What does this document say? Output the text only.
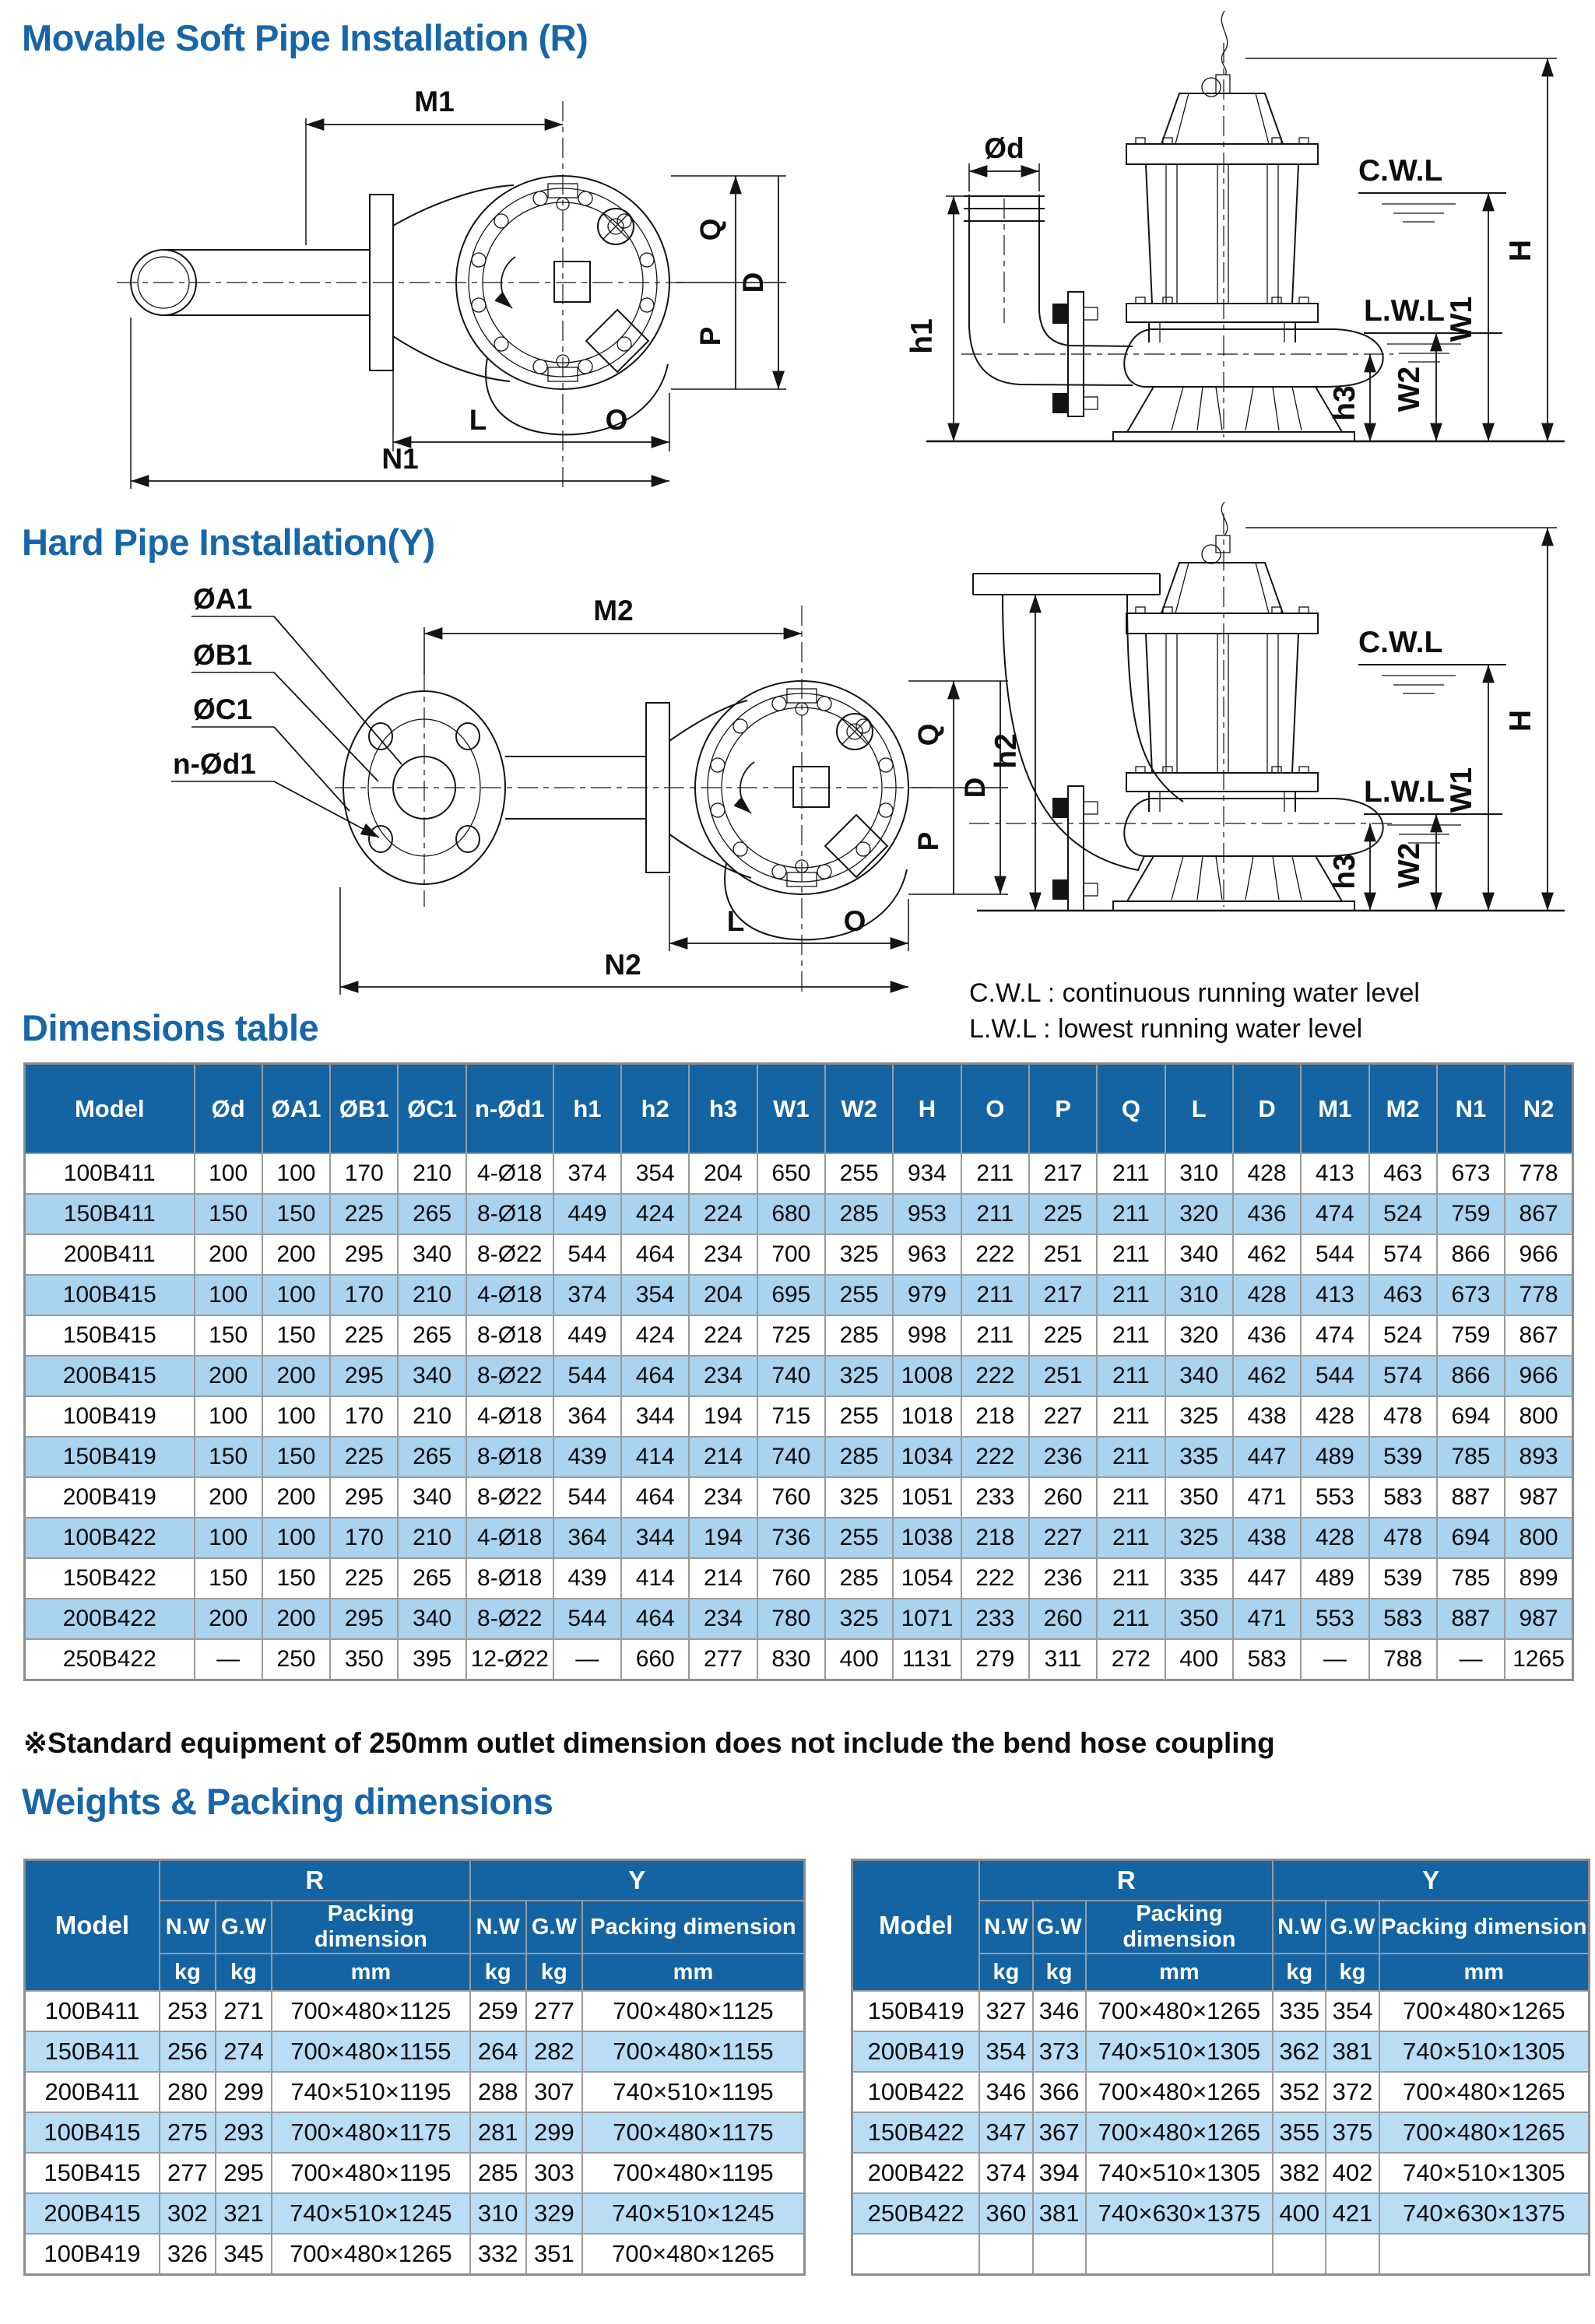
Movable Soft Pipe Installation (R)
Hard Pipe Installation(Y)
Dimensions table
Weights & Packing dimensions
M1
Q
P
D
L	O
N1
Ød
h1
C.W.L
L.W.L
h3 W2
W1
H
ØA1
ØB1
ØC1
n-Ød1
M2
Q
P
D
L	O
N2
h2
C.W.L
L.W.L
h3 W2
W1
H
C.W.L : continuous running water level
L.W.L : lowest running water level
Model	Ød	ØA1	ØB1	ØC1	n-Ød1	h1	h2	h3	W1	W2	H	O	P	Q	L	D	M1	M2	N1	N2
100B411	100	100	170	210	4-Ø18	374	354	204	650	255	934	211	217	211	310	428	413	463	673	778
150B411	150	150	225	265	8-Ø18	449	424	224	680	285	953	211	225	211	320	436	474	524	759	867
200B411	200	200	295	340	8-Ø22	544	464	234	700	325	963	222	251	211	340	462	544	574	866	966
100B415	100	100	170	210	4-Ø18	374	354	204	695	255	979	211	217	211	310	428	413	463	673	778
150B415	150	150	225	265	8-Ø18	449	424	224	725	285	998	211	225	211	320	436	474	524	759	867
200B415	200	200	295	340	8-Ø22	544	464	234	740	325	1008	222	251	211	340	462	544	574	866	966
100B419	100	100	170	210	4-Ø18	364	344	194	715	255	1018	218	227	211	325	438	428	478	694	800
150B419	150	150	225	265	8-Ø18	439	414	214	740	285	1034	222	236	211	335	447	489	539	785	893
200B419	200	200	295	340	8-Ø22	544	464	234	760	325	1051	233	260	211	350	471	553	583	887	987
100B422	100	100	170	210	4-Ø18	364	344	194	736	255	1038	218	227	211	325	438	428	478	694	800
150B422	150	150	225	265	8-Ø18	439	414	214	760	285	1054	222	236	211	335	447	489	539	785	899
200B422	200	200	295	340	8-Ø22	544	464	234	780	325	1071	233	260	211	350	471	553	583	887	987
250B422	—	250	350	395	12-Ø22	—	660	277	830	400	1131	279	311	272	400	583	—	788	—	1265
※Standard equipment of 250mm outlet dimension does not include the bend hose coupling
Model	R			Y		
	N.W	G.W	Packing dimension	N.W	G.W	Packing dimension
	kg	kg	mm	kg	kg	mm
100B411	253	271	700×480×1125	259	277	700×480×1125
150B411	256	274	700×480×1155	264	282	700×480×1155
200B411	280	299	740×510×1195	288	307	740×510×1195
100B415	275	293	700×480×1175	281	299	700×480×1175
150B415	277	295	700×480×1195	285	303	700×480×1195
200B415	302	321	740×510×1245	310	329	740×510×1245
100B419	326	345	700×480×1265	332	351	700×480×1265
Model	R			Y		
	N.W	G.W	Packing dimension	N.W	G.W	Packing dimension
	kg	kg	mm	kg	kg	mm
150B419	327	346	700×480×1265	335	354	700×480×1265
200B419	354	373	740×510×1305	362	381	740×510×1305
100B422	346	366	700×480×1265	352	372	700×480×1265
150B422	347	367	700×480×1265	355	375	700×480×1265
200B422	374	394	740×510×1305	382	402	740×510×1305
250B422	360	381	740×630×1375	400	421	740×630×1375
